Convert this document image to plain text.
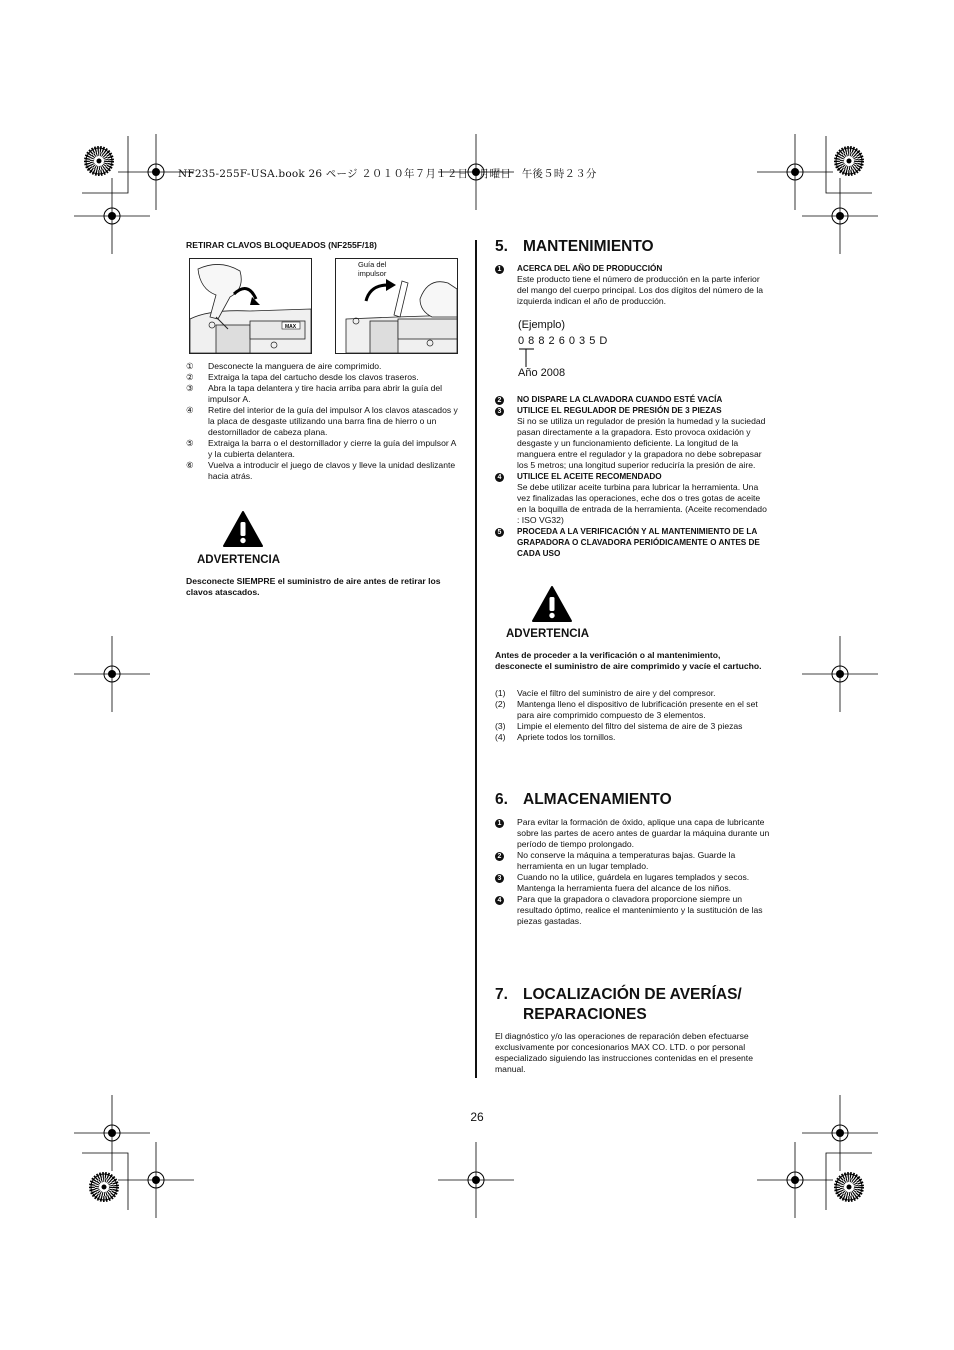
NF235-255F-USA.book 26 ページ ２０１０年７月１２日　月曜日　午後５時２３分
RETIRAR CLAVOS BLOQUEADOS (NF255F/18)
MAX
Guía del impulsor
①	Desconecte la manguera de aire comprimido.
②	Extraiga la tapa del cartucho desde los clavos traseros.
③	Abra la tapa delantera y tire hacia arriba para abrir la guía del impulsor A.
④	Retire del interior de la guía del impulsor A los clavos atascados y la placa de desgaste utilizando una barra fina de hierro o un destornillador de cabeza plana.
⑤	Extraiga la barra o el destornillador y cierre la guía del impulsor A y la cubierta delantera.
⑥	Vuelva a introducir el juego de clavos y lleve la unidad deslizante hacia atrás.
ADVERTENCIA
Desconecte SIEMPRE el suministro de aire antes de retirar los clavos atascados.
5. MANTENIMIENTO
1	ACERCA DEL AÑO DE PRODUCCIÓN
Este producto tiene el número de producción en la parte inferior del mango del cuerpo principal. Los dos dígitos del número de la izquierda indican el año de producción.
(Ejemplo)
0 8 8 2 6 0 3 5 D
Año 2008
2	NO DISPARE LA CLAVADORA CUANDO ESTÉ VACÍA
3	UTILICE EL REGULADOR DE PRESIÓN DE 3 PIEZAS
Si no se utiliza un regulador de presión la humedad y la suciedad pasan directamente a la grapadora. Esto provoca oxidación y desgaste y un funcionamiento deficiente. La longitud de la manguera entre el regulador y la grapadora no debe sobrepasar los 5 metros; una longitud superior reduciría la presión de aire.
4	UTILICE EL ACEITE RECOMENDADO
Se debe utilizar aceite turbina para lubricar la herramienta. Una vez finalizadas las operaciones, eche dos o tres gotas de aceite en la boquilla de entrada de la herramienta. (Aceite recomendado : ISO VG32)
5	PROCEDA A LA VERIFICACIÓN Y AL MANTENIMIENTO DE LA GRAPADORA O CLAVADORA PERIÓDICAMENTE O ANTES DE CADA USO
ADVERTENCIA
Antes de proceder a la verificación o al mantenimiento, desconecte el suministro de aire comprimido y vacíe el cartucho.
(1)	Vacíe el filtro del suministro de aire y del compresor.
(2)	Mantenga lleno el dispositivo de lubrificación presente en el set para aire comprimido compuesto de 3 elementos.
(3)	Limpie el elemento del filtro del sistema de aire de 3 piezas
(4)	Apriete todos los tornillos.
6. ALMACENAMIENTO
1	Para evitar la formación de óxido, aplique una capa de lubricante sobre las partes de acero antes de guardar la máquina durante un período de tiempo prolongado.
2	No conserve la máquina a temperaturas bajas. Guarde la herramienta en un lugar templado.
3	Cuando no la utilice, guárdela en lugares templados y secos. Mantenga la herramienta fuera del alcance de los niños.
4	Para que la grapadora o clavadora proporcione siempre un resultado óptimo, realice el mantenimiento y la sustitución de las piezas gastadas.
7. LOCALIZACIÓN DE AVERÍAS/
REPARACIONES
El diagnóstico y/o las operaciones de reparación deben efectuarse exclusivamente por concesionarios MAX CO. LTD. o por personal especializado siguiendo las instrucciones contenidas en el presente manual.
26
